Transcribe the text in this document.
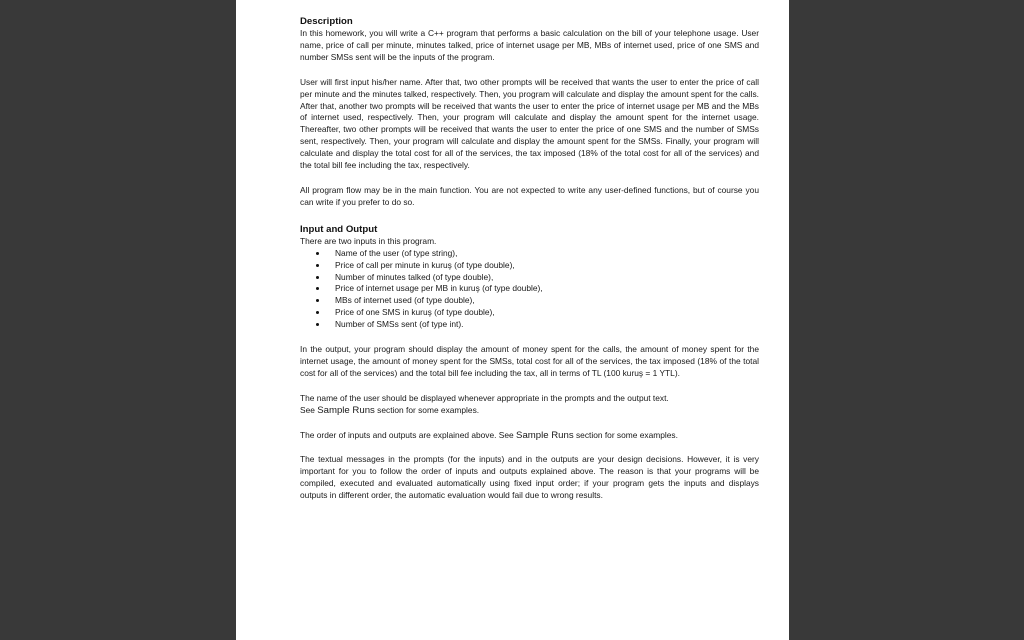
Description

In this homework, you will write a C++ program that performs a basic calculation on the bill of your telephone usage. User name, price of call per minute, minutes talked, price of internet usage per MB, MBs of internet used, price of one SMS and number SMSs sent will be the inputs of the program.

User will first input his/her name. After that, two other prompts will be received that wants the user to enter the price of call per minute and the minutes talked, respectively. Then, you program will calculate and display the amount spent for the calls. After that, another two prompts will be received that wants the user to enter the price of internet usage per MB and the MBs of internet used, respectively. Then, your program will calculate and display the amount spent for the internet usage. Thereafter, two other prompts will be received that wants the user to enter the price of one SMS and the number of SMSs sent, respectively. Then, your program will calculate and display the amount spent for the SMSs. Finally, your program will calculate and display the total cost for all of the services, the tax imposed (18% of the total cost for all of the services) and the total bill fee including the tax, respectively.

All program flow may be in the main function. You are not expected to write any user-defined functions, but of course you can write if you prefer to do so.

Input and Output
There are two inputs in this program.
Name of the user (of type string),
Price of call per minute in kuruş (of type double),
Number of minutes talked (of type double),
Price of internet usage per MB in kuruş (of type double),
MBs of internet used (of type double),
Price of one SMS in kuruş (of type double),
Number of SMSs sent (of type int).

In the output, your program should display the amount of money spent for the calls, the amount of money spent for the internet usage, the amount of money spent for the SMSs, total cost for all of the services, the tax imposed (18% of the total cost for all of the services) and the total bill fee including the tax, all in terms of TL (100 kuruş = 1 YTL).

The name of the user should be displayed whenever appropriate in the prompts and the output text.
See Sample Runs section for some examples.

The order of inputs and outputs are explained above. See Sample Runs section for some examples.

The textual messages in the prompts (for the inputs) and in the outputs are your design decisions. However, it is very important for you to follow the order of inputs and outputs explained above. The reason is that your programs will be compiled, executed and evaluated automatically using fixed input order; if your program gets the inputs and displays outputs in different order, the automatic evaluation would fail due to wrong results.
